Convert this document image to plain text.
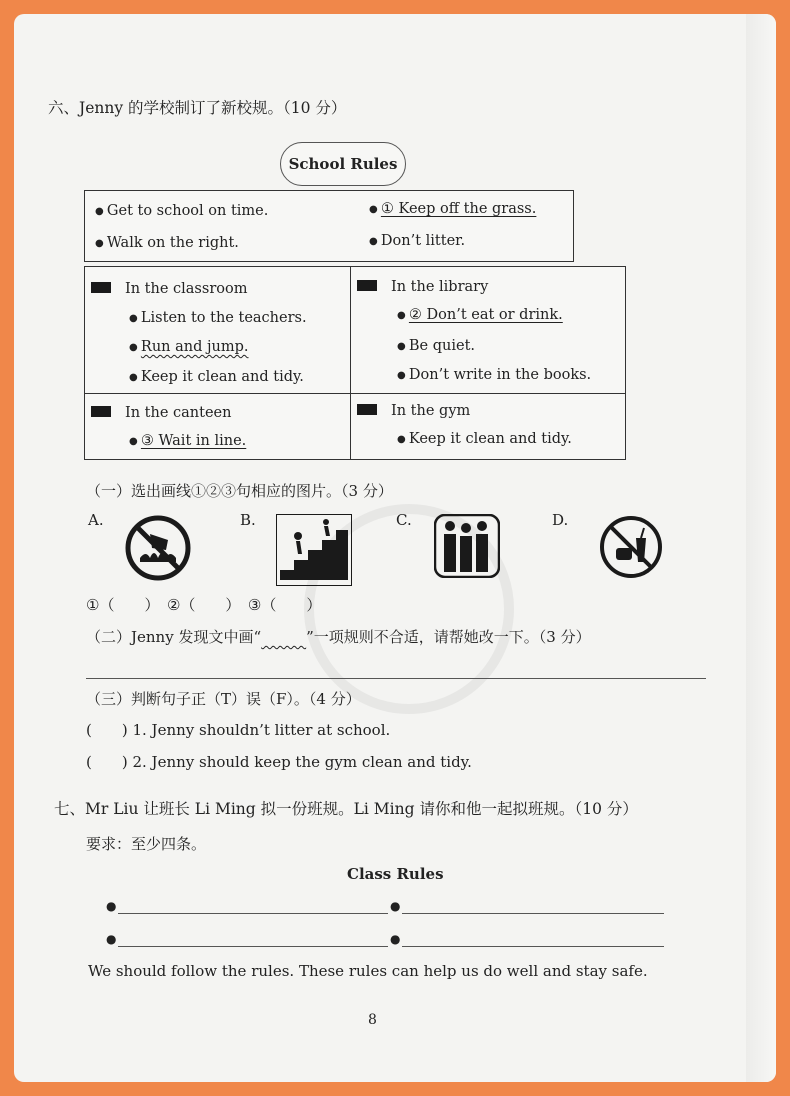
六、Jenny 的学校制订了新校规。（10 分）
School Rules
● Get to school on time.
● Walk on the right.
● ① Keep off the grass.
● Don’t litter.
In the classroom
● Listen to the teachers.
● Run and jump.
● Keep it clean and tidy.
In the library
● ② Don’t eat or drink.
● Be quiet.
● Don’t write in the books.
In the canteen
● ③ Wait in line.
In the gym
● Keep it clean and tidy.
（一）选出画线①②③句相应的图片。（3 分）
A.	B.	C.	D.
①（　　）　②（　　）　③（　　）
（二）Jenny 发现文中画“　　　	”一项规则不合适，请帮她改一下。（3 分）
（三）判断句子正（T）误（F）。（4 分）
(　　) 1. Jenny shouldn’t litter at school.
(　　) 2. Jenny should keep the gym clean and tidy.
七、Mr Liu 让班长 Li Ming 拟一份班规。Li Ming 请你和他一起拟班规。（10 分）
要求：至少四条。
Class Rules
●	●
●	●
We should follow the rules. These rules can help us do well and stay safe.
8
